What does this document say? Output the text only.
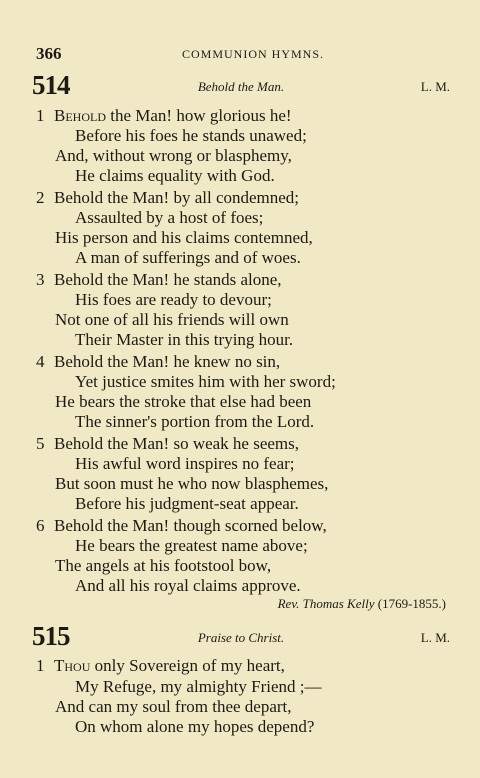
366	COMMUNION HYMNS.
514	Behold the Man.	L. M.
1 Behold the Man! how glorious he!
Before his foes he stands unawed;
And, without wrong or blasphemy,
He claims equality with God.
2 Behold the Man! by all condemned;
Assaulted by a host of foes;
His person and his claims contemned,
A man of sufferings and of woes.
3 Behold the Man! he stands alone,
His foes are ready to devour;
Not one of all his friends will own
Their Master in this trying hour.
4 Behold the Man! he knew no sin,
Yet justice smites him with her sword;
He bears the stroke that else had been
The sinner's portion from the Lord.
5 Behold the Man! so weak he seems,
His awful word inspires no fear;
But soon must he who now blasphemes,
Before his judgment-seat appear.
6 Behold the Man! though scorned below,
He bears the greatest name above;
The angels at his footstool bow,
And all his royal claims approve.
Rev. Thomas Kelly (1769-1855.)
515	Praise to Christ.	L. M.
1 Thou only Sovereign of my heart,
My Refuge, my almighty Friend ;—
And can my soul from thee depart,
On whom alone my hopes depend?
